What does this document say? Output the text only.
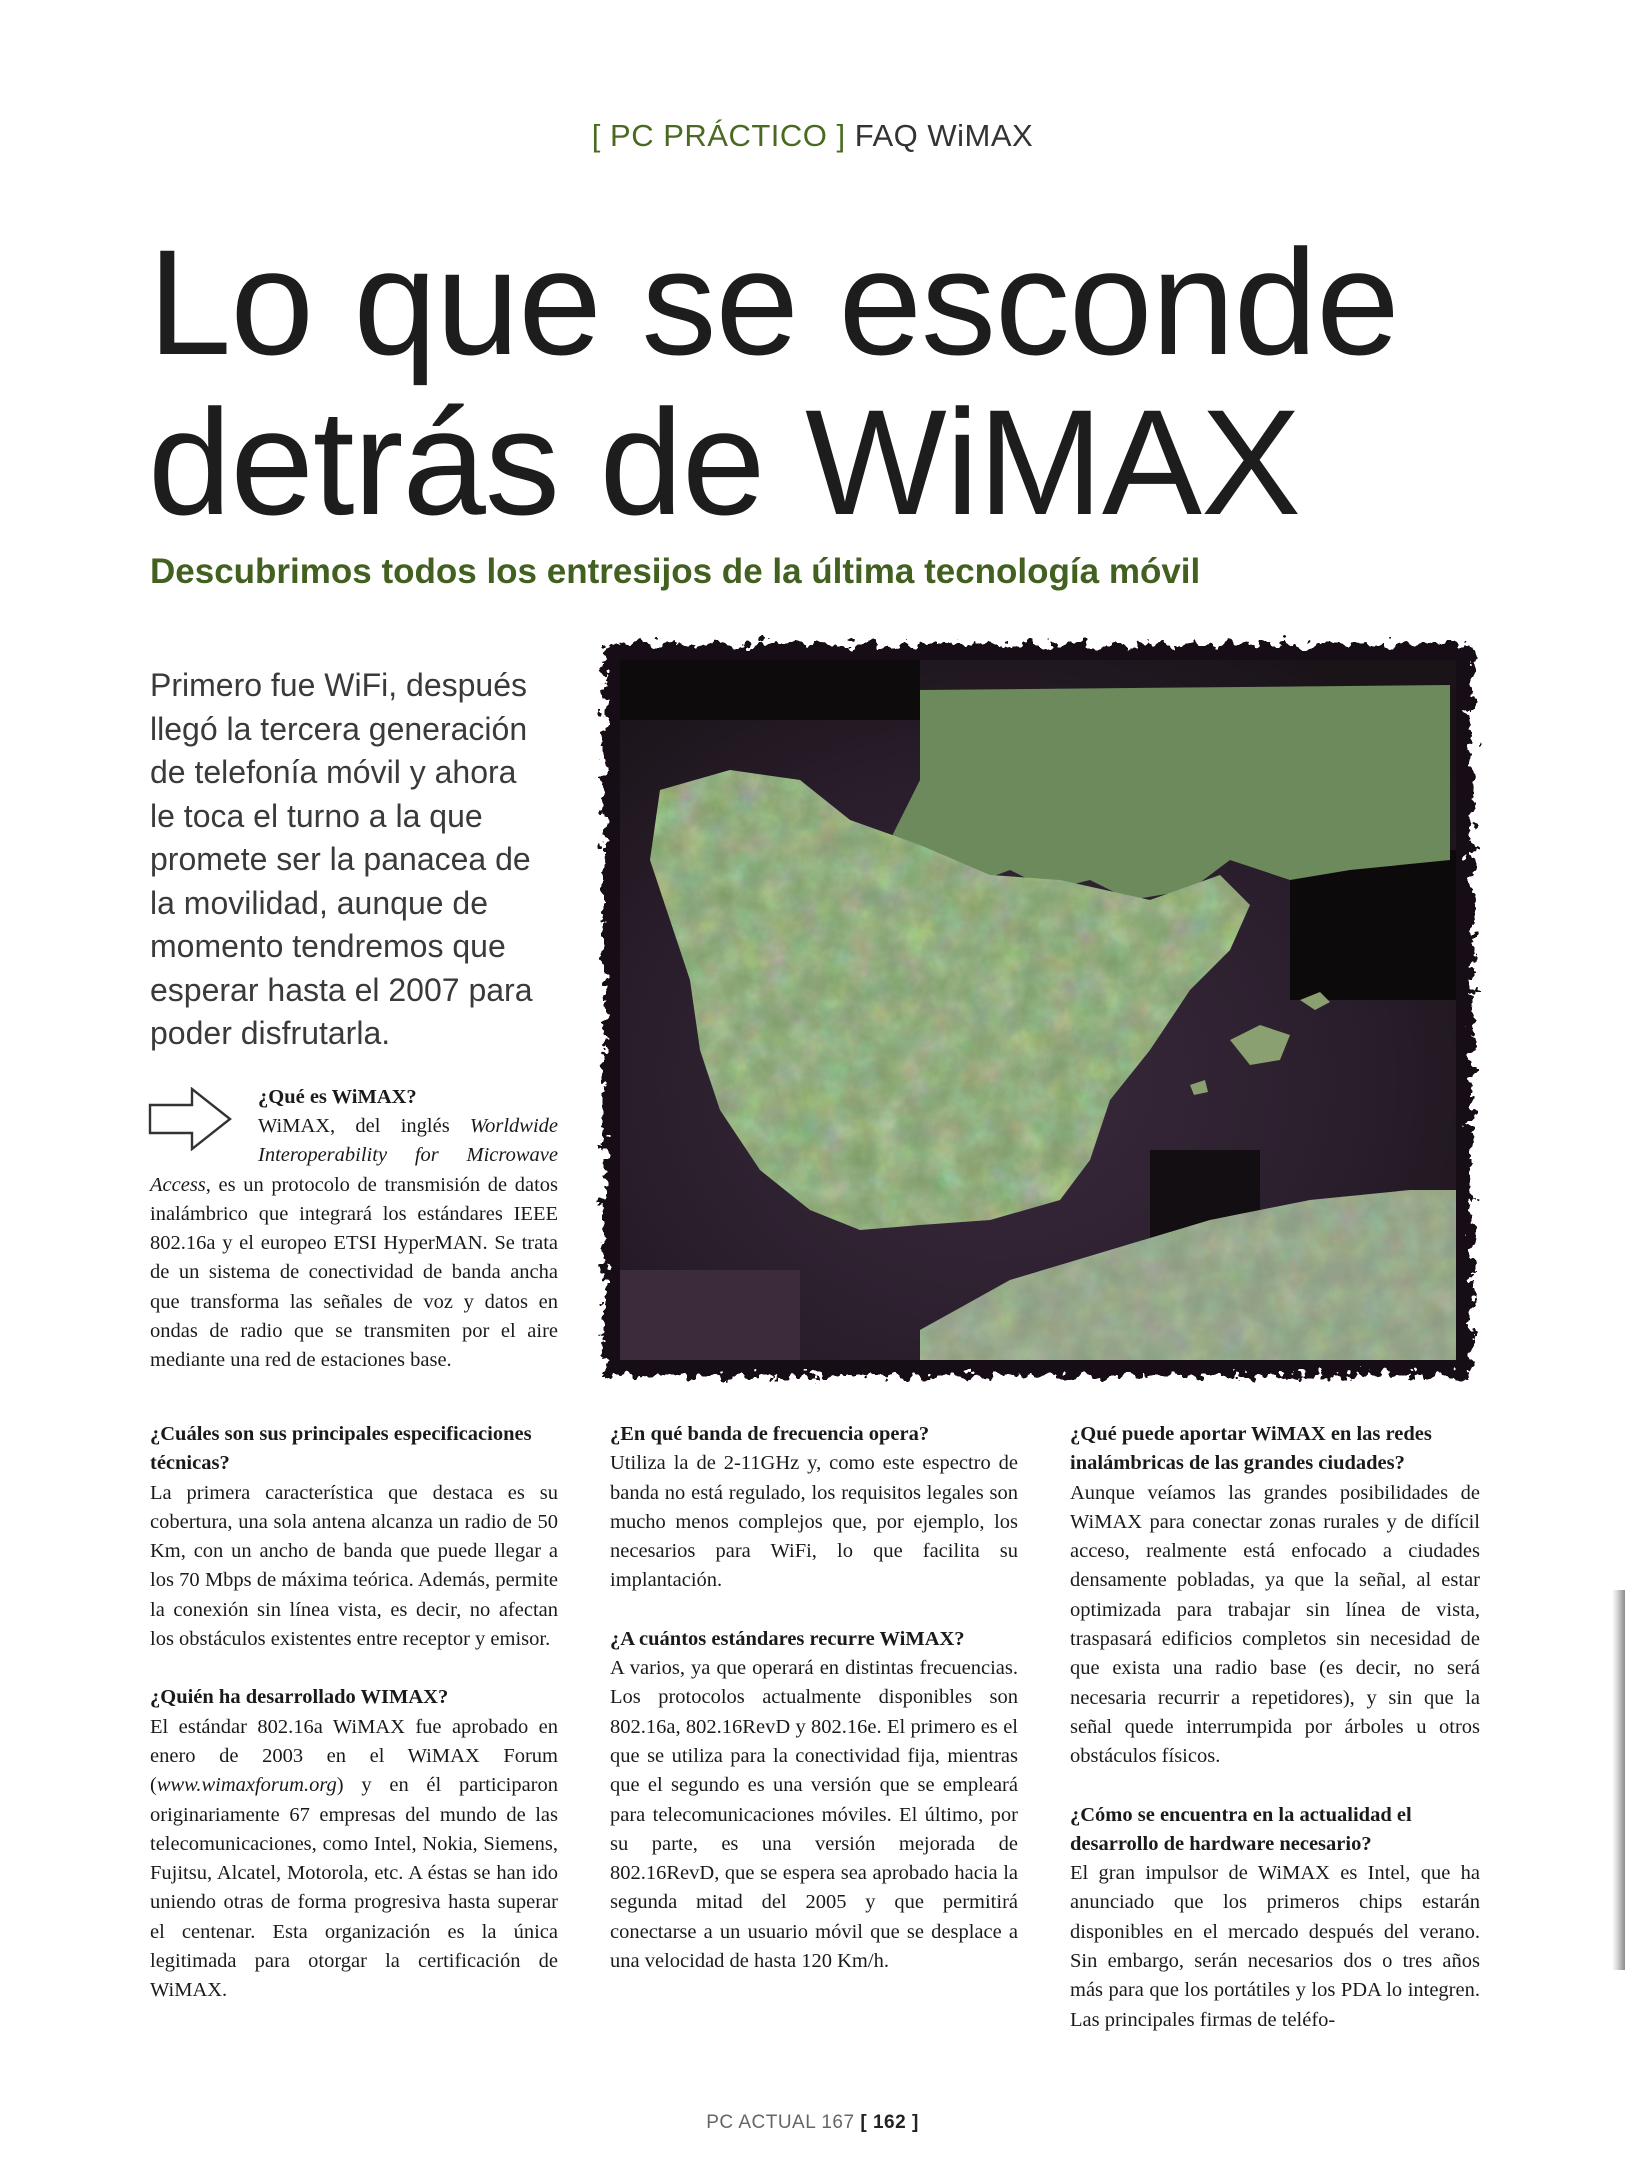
[ PC PRÁCTICO ] FAQ WiMAX
Lo que se esconde
detrás de WiMAX
Descubrimos todos los entresijos de la última tecnología móvil
Primero fue WiFi, después
llegó la tercera generación
de telefonía móvil y ahora
le toca el turno a la que
promete ser la panacea de
la movilidad, aunque de
momento tendremos que
esperar hasta el 2007 para
poder disfrutarla.
¿Qué es WiMAX?
WiMAX, del inglés Worldwide Interoperability for Microwave Access, es un protocolo de transmisión de datos inalámbrico que integrará los estándares IEEE 802.16a y el europeo ETSI HyperMAN. Se trata de un sistema de conectividad de banda ancha que transforma las señales de voz y datos en ondas de radio que se transmiten por el aire mediante una red de estaciones base.

¿Cuáles son sus principales especificaciones técnicas?

La primera característica que destaca es su cobertura, una sola antena alcanza un radio de 50 Km, con un ancho de banda que puede llegar a los 70 Mbps de máxima teórica. Además, permite la conexión sin línea vista, es decir, no afectan los obstáculos existentes entre receptor y emisor.

¿Quién ha desarrollado WIMAX?

El estándar 802.16a WiMAX fue aprobado en enero de 2003 en el WiMAX Forum (www.wimaxforum.org) y en él participaron originariamente 67 empresas del mundo de las telecomunicaciones, como Intel, Nokia, Siemens, Fujitsu, Alcatel, Motorola, etc. A éstas se han ido uniendo otras de forma progresiva hasta superar el centenar. Esta organización es la única legitimada para otorgar la certificación de WiMAX.

¿En qué banda de frecuencia opera?

Utiliza la de 2-11GHz y, como este espectro de banda no está regulado, los requisitos legales son mucho menos complejos que, por ejemplo, los necesarios para WiFi, lo que facilita su implantación.

¿A cuántos estándares recurre WiMAX?

A varios, ya que operará en distintas frecuencias. Los protocolos actualmente disponibles son 802.16a, 802.16RevD y 802.16e. El primero es el que se utiliza para la conectividad fija, mientras que el segundo es una versión que se empleará para telecomunicaciones móviles. El último, por su parte, es una versión mejorada de 802.16RevD, que se espera sea aprobado hacia la segunda mitad del 2005 y que permitirá conectarse a un usuario móvil que se desplace a una velocidad de hasta 120 Km/h.

¿Qué puede aportar WiMAX en las redes inalámbricas de las grandes ciudades?

Aunque veíamos las grandes posibilidades de WiMAX para conectar zonas rurales y de difícil acceso, realmente está enfocado a ciudades densamente pobladas, ya que la señal, al estar optimizada para trabajar sin línea de vista, traspasará edificios completos sin necesidad de que exista una radio base (es decir, no será necesaria recurrir a repetidores), y sin que la señal quede interrumpida por árboles u otros obstáculos físicos.

¿Cómo se encuentra en la actualidad el desarrollo de hardware necesario?

El gran impulsor de WiMAX es Intel, que ha anunciado que los primeros chips estarán disponibles en el mercado después del verano. Sin embargo, serán necesarios dos o tres años más para que los portátiles y los PDA lo integren. Las principales firmas de teléfo-

PC ACTUAL 167 [ 162 ]
